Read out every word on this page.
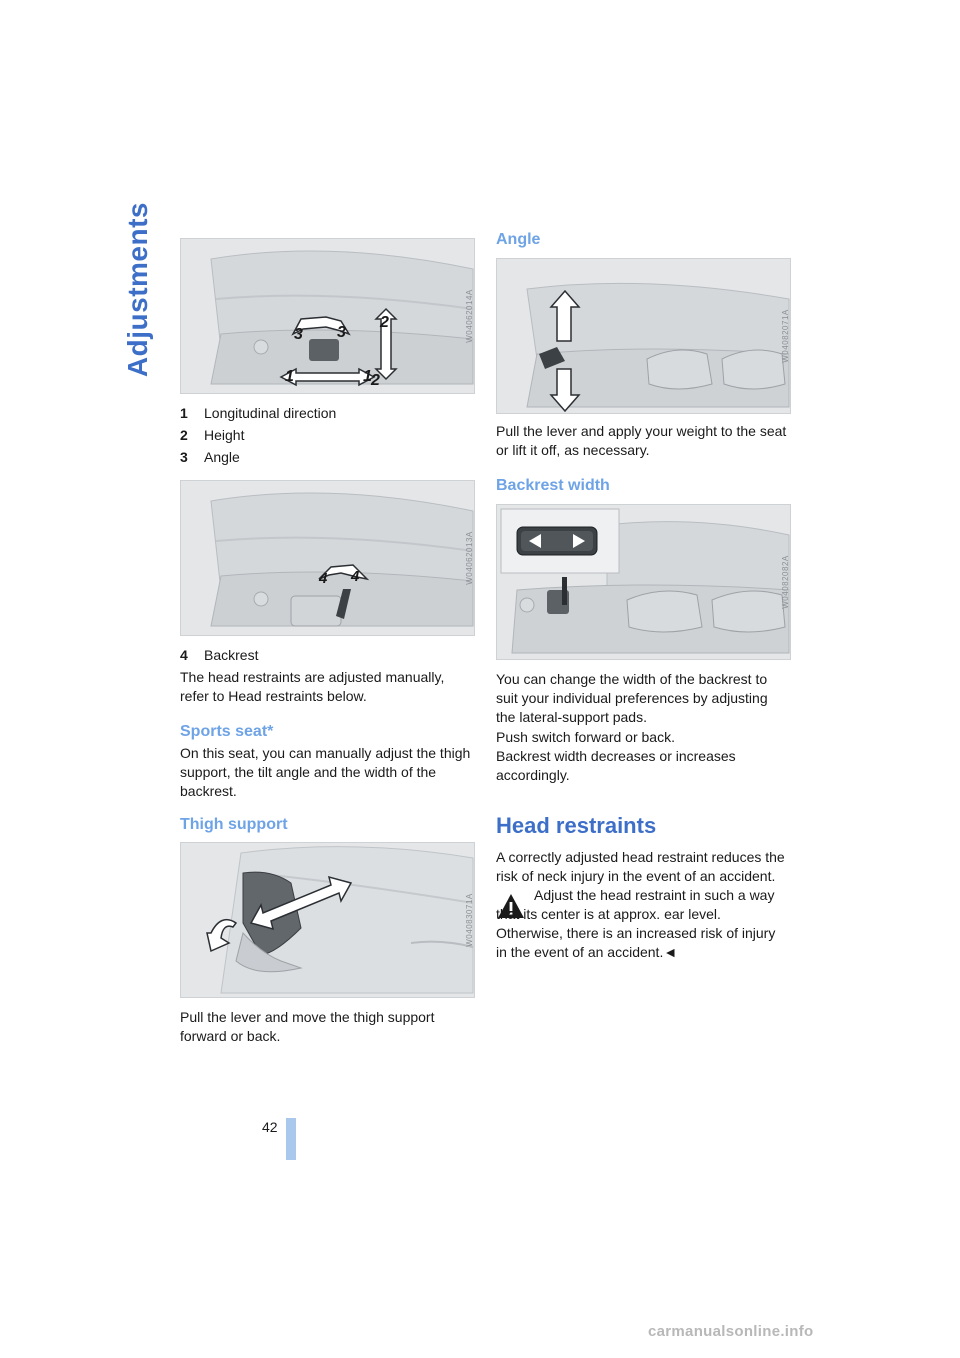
Adjustments
42
1	1
2
2
3 3	W04062014A
1 Longitudinal direction
2 Height
3 Angle
4 4	W04062013A
4 Backrest

The head restraints are adjusted manually, refer to Head restraints below.

Sports seat*

On this seat, you can manually adjust the thigh support, the tilt angle and the width of the backrest.

Thigh support
W04083071A

Pull the lever and move the thigh support forward or back.

Angle
W04082071A

Pull the lever and apply your weight to the seat or lift it off, as necessary.

Backrest width
W04082082A

You can change the width of the backrest to suit your individual preferences by adjusting the lateral-support pads.

Push switch forward or back.
Backrest width decreases or increases accordingly.

Head restraints

A correctly adjusted head restraint reduces the risk of neck injury in the event of an accident.

Adjust the head restraint in such a way that its center is at approx. ear level. Otherwise, there is an increased risk of injury in the event of an accident.◄

carmanualsonline.info
